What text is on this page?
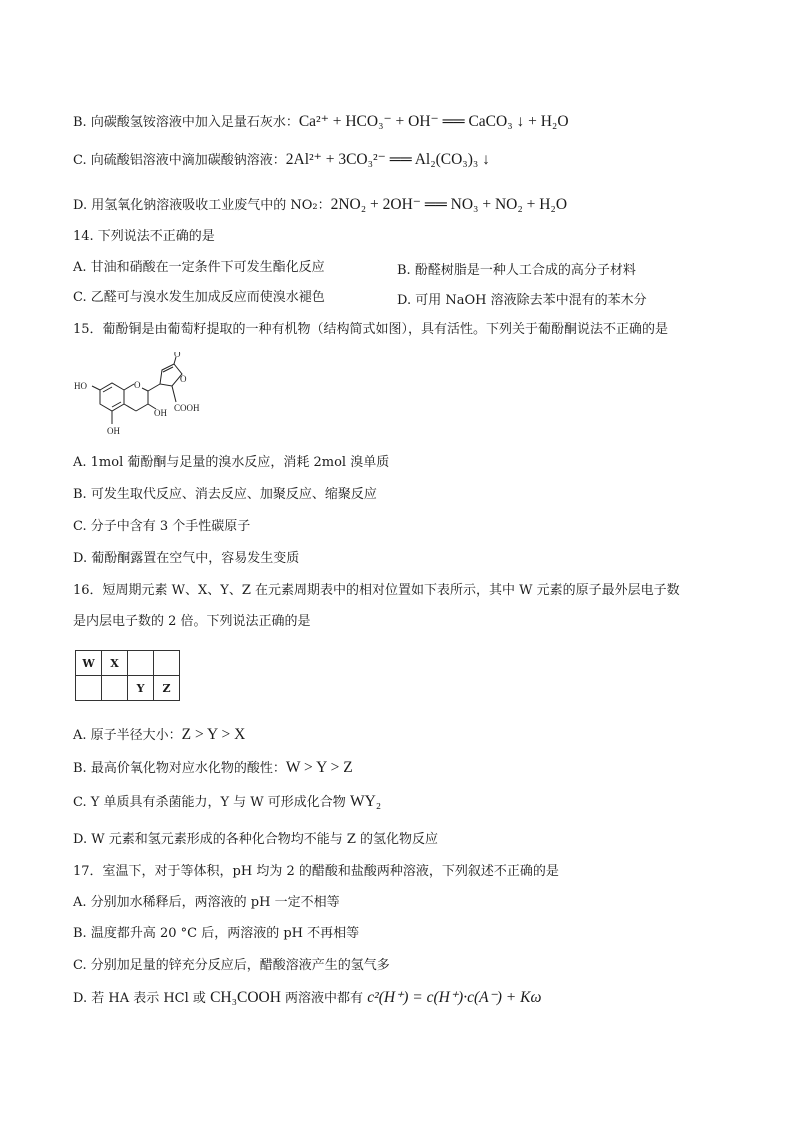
B. 向碳酸氢铵溶液中加入足量石灰水：Ca²⁺ + HCO₃⁻ + OH⁻ ══ CaCO₃ ↓ + H₂O
C. 向硫酸铝溶液中滴加碳酸钠溶液：2Al²⁺ + 3CO₃²⁻ ══ Al₂(CO₃)₃ ↓
D. 用氢氧化钠溶液吸收工业废气中的 NO₂：2NO₂ + 2OH⁻ ══ NO₃ + NO₂ + H₂O
14. 下列说法不正确的是
A. 甘油和硝酸在一定条件下可发生酯化反应	B. 酚醛树脂是一种人工合成的高分子材料
C. 乙醛可与溴水发生加成反应而使溴水褪色	D. 可用 NaOH 溶液除去苯中混有的苯木分
15．葡酚铜是由葡萄籽提取的一种有机物（结构简式如图），具有活性。下列关于葡酚酮说法不正确的是
HO
OH
OH
O
O
O
COOH
A. 1mol 葡酚酮与足量的溴水反应，消耗 2mol 溴单质
B. 可发生取代反应、消去反应、加聚反应、缩聚反应
C. 分子中含有 3 个手性碳原子
D. 葡酚酮露置在空气中，容易发生变质
16．短周期元素 W、X、Y、Z 在元素周期表中的相对位置如下表所示，其中 W 元素的原子最外层电子数
是内层电子数的 2 倍。下列说法正确的是
W	X		
		Y	Z
A. 原子半径大小：Z > Y > X
B. 最高价氧化物对应水化物的酸性：W > Y > Z
C. Y 单质具有杀菌能力，Y 与 W 可形成化合物 WY₂
D. W 元素和氢元素形成的各种化合物均不能与 Z 的氢化物反应
17．室温下，对于等体积，pH 均为 2 的醋酸和盐酸两种溶液，下列叙述不正确的是
A. 分别加水稀释后，两溶液的 pH 一定不相等
B. 温度都升高 20 °C 后，两溶液的 pH 不再相等
C. 分别加足量的锌充分反应后，醋酸溶液产生的氢气多
D. 若 HA 表示 HCl 或 CH₃COOH 两溶液中都有 c²(H⁺) = c(H⁺)·c(A⁻) + Kω
